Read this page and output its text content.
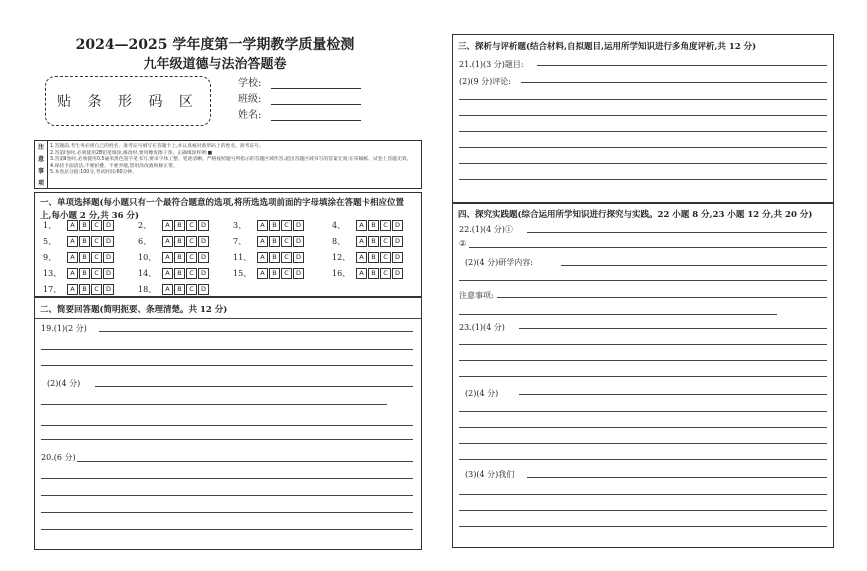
2024—2025 学年度第一学期教学质量检测
九年级道德与法治答题卷
贴 条 形 码 区
学校:
班级:
姓名:
注
意
事
项
1.答题前,考生务必将自己的姓名、准考证号填写在答题卡上,并认真核对条形码上的姓名、准考证号。
2.答第Ⅰ卷时,必须使用2B铅笔填涂,修改时,要用橡皮擦干净。正确填涂样例:■
3.答第Ⅱ卷时,必须使用0.5毫米黑色签字笔书写,要求字体工整、笔迹清晰。严格按照题号所指示的答题区域作答,超出答题区域书写的答案无效;在草稿纸、试卷上答题无效。
4.保持卡面清洁,不要折叠、不要弄破,禁用涂改液和修正带。
5.本卷总分值:100分,考试时间:60分钟。
一、单项选择题(每小题只有一个最符合题意的选项,将所选选项前面的字母填涂在答题卡相应位置
上,每小题 2 分,共 36 分)
1、	A	B	C	D	2、	A	B	C	D	3、	A	B	C	D	4、	A	B	C	D
5、	A	B	C	D	6、	A	B	C	D	7、	A	B	C	D	8、	A	B	C	D
9、	A	B	C	D	10、	A	B	C	D	11、	A	B	C	D	12、	A	B	C	D
13、	A	B	C	D	14、	A	B	C	D	15、	A	B	C	D	16、	A	B	C	D
17、	A	B	C	D	18、	A	B	C	D
二、简要回答题(简明扼要、条理清楚。共 12 分)
19.(1)(2 分)
(2)(4 分)
20.(6 分)
三、探析与评析题(结合材料,自拟题目,运用所学知识进行多角度评析,共 12 分)
21.(1)(3 分)题目:
(2)(9 分)评论:
四、探究实践题(综合运用所学知识进行探究与实践。22 小题 8 分,23 小题 12 分,共 20 分)
22.(1)(4 分)①
②
(2)(4 分)研学内容:
注意事项:
23.(1)(4 分)
(2)(4 分)
(3)(4 分)我们
